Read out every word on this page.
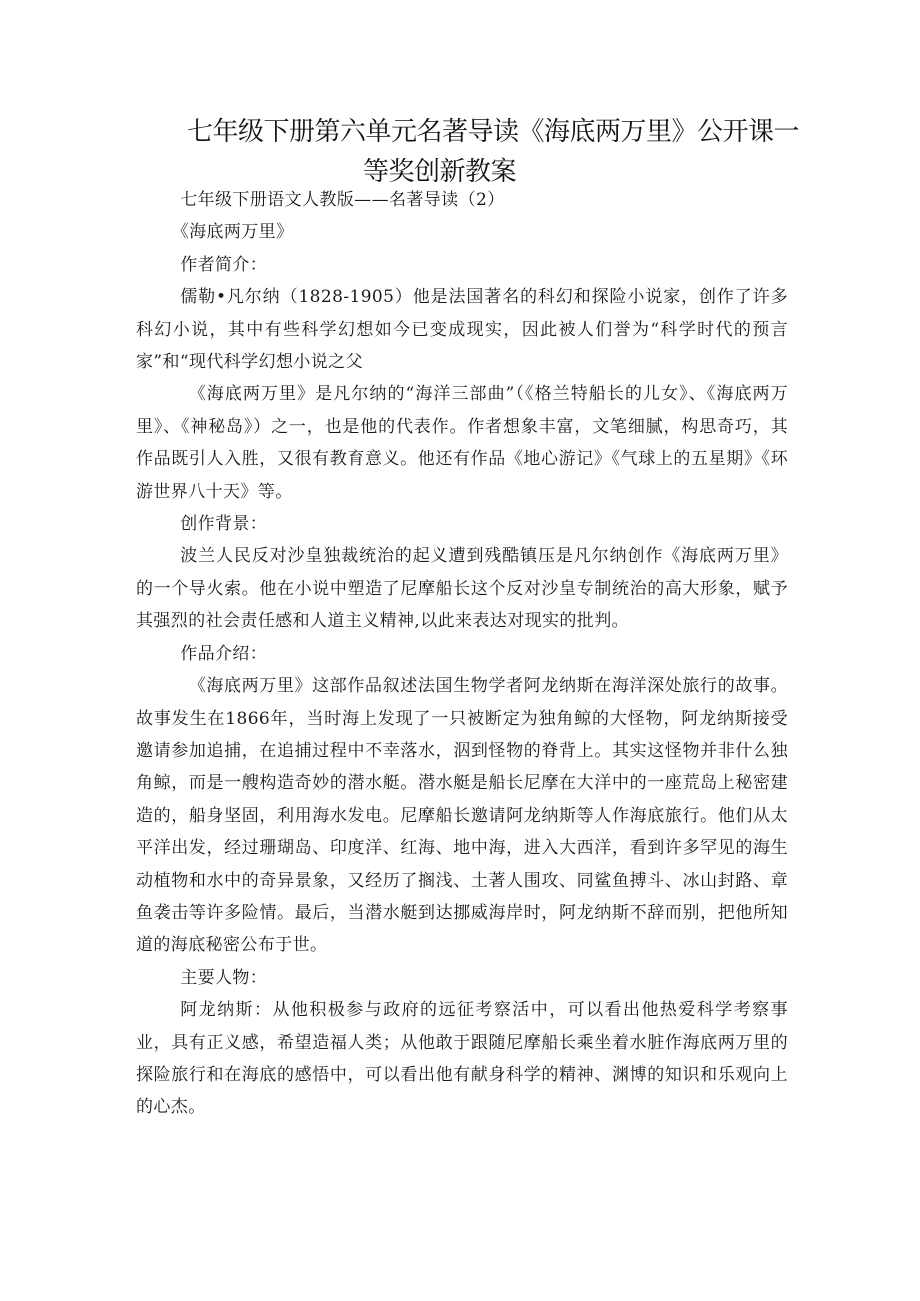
七年级下册第六单元名著导读《海底两万里》公开课一
等奖创新教案

七年级下册语文人教版——名著导读（2）

《海底两万里》

作者简介：

儒勒•凡尔纳（1828-1905）他是法国著名的科幻和探险小说家，创作了许多科幻小说，其中有些科学幻想如今已变成现实，因此被人们誉为“科学时代的预言家”和“现代科学幻想小说之父

《海底两万里》是凡尔纳的“海洋三部曲”（《格兰特船长的儿女》、《海底两万里》、《神秘岛》）之一，也是他的代表作。作者想象丰富，文笔细腻，构思奇巧，其作品既引人入胜，又很有教育意义。他还有作品《地心游记》《气球上的五星期》《环游世界八十天》等。

创作背景：

波兰人民反对沙皇独裁统治的起义遭到残酷镇压是凡尔纳创作《海底两万里》的一个导火索。他在小说中塑造了尼摩船长这个反对沙皇专制统治的高大形象，赋予其强烈的社会责任感和人道主义精神,以此来表达对现实的批判。

作品介绍：

《海底两万里》这部作品叙述法国生物学者阿龙纳斯在海洋深处旅行的故事。故事发生在1866年，当时海上发现了一只被断定为独角鲸的大怪物，阿龙纳斯接受邀请参加追捕，在追捕过程中不幸落水，泅到怪物的脊背上。其实这怪物并非什么独角鲸，而是一艘构造奇妙的潜水艇。潜水艇是船长尼摩在大洋中的一座荒岛上秘密建造的，船身坚固，利用海水发电。尼摩船长邀请阿龙纳斯等人作海底旅行。他们从太平洋出发，经过珊瑚岛、印度洋、红海、地中海，进入大西洋，看到许多罕见的海生动植物和水中的奇异景象，又经历了搁浅、土著人围攻、同鲨鱼搏斗、冰山封路、章鱼袭击等许多险情。最后，当潜水艇到达挪威海岸时，阿龙纳斯不辞而别，把他所知道的海底秘密公布于世。

主要人物：

阿龙纳斯：从他积极参与政府的远征考察活中，可以看出他热爱科学考察事业，具有正义感，希望造福人类；从他敢于跟随尼摩船长乘坐着水脏作海底两万里的探险旅行和在海底的感悟中，可以看出他有献身科学的精神、渊博的知识和乐观向上的心杰。
